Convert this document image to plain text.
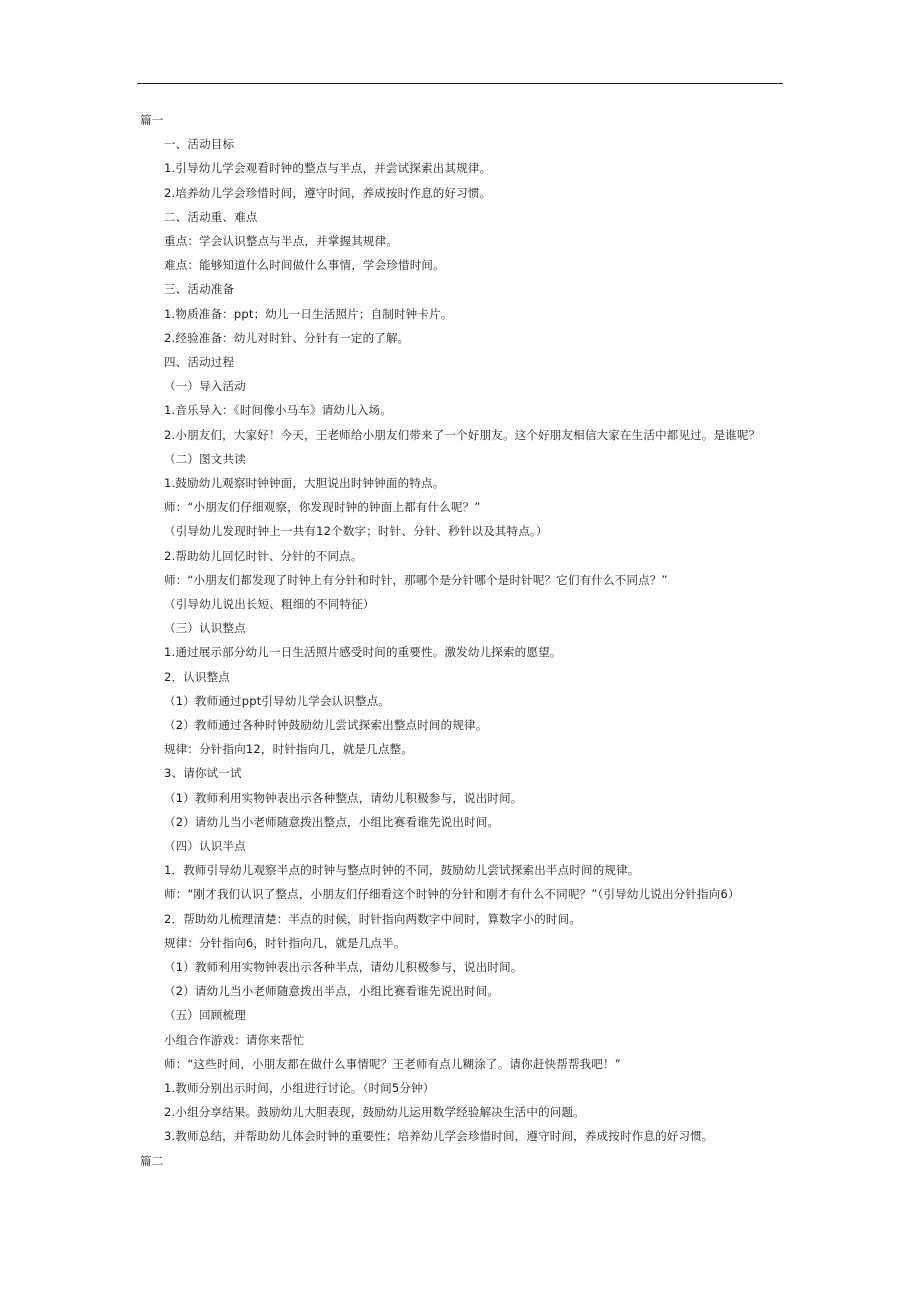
篇一
一、活动目标
1.引导幼儿学会观看时钟的整点与半点，并尝试探索出其规律。
2.培养幼儿学会珍惜时间，遵守时间，养成按时作息的好习惯。
二、活动重、难点
重点：学会认识整点与半点，并掌握其规律。
难点：能够知道什么时间做什么事情，学会珍惜时间。
三、活动准备
1.物质准备：ppt；幼儿一日生活照片；自制时钟卡片。
2.经验准备：幼儿对时针、分针有一定的了解。
四、活动过程
（一）导入活动
1.音乐导入：《时间像小马车》请幼儿入场。
2.小朋友们，大家好！今天，王老师给小朋友们带来了一个好朋友。这个好朋友相信大家在生活中都见过。是谁呢？
（二）图文共读
1.鼓励幼儿观察时钟钟面，大胆说出时钟钟面的特点。
师：“小朋友们仔细观察，你发现时钟的钟面上都有什么呢？”
（引导幼儿发现时钟上一共有12个数字；时针、分针、秒针以及其特点。）
2.帮助幼儿回忆时针、分针的不同点。
师：“小朋友们都发现了时钟上有分针和时针，那哪个是分针哪个是时针呢？它们有什么不同点？”
（引导幼儿说出长短、粗细的不同特征）
（三）认识整点
1.通过展示部分幼儿一日生活照片感受时间的重要性。激发幼儿探索的愿望。
2．认识整点
（1）教师通过ppt引导幼儿学会认识整点。
（2）教师通过各种时钟鼓励幼儿尝试探索出整点时间的规律。
规律：分针指向12，时针指向几，就是几点整。
3、请你试一试
（1）教师利用实物钟表出示各种整点，请幼儿积极参与，说出时间。
（2）请幼儿当小老师随意拨出整点，小组比赛看谁先说出时间。
（四）认识半点
1．教师引导幼儿观察半点的时钟与整点时钟的不同，鼓励幼儿尝试探索出半点时间的规律。
师：“刚才我们认识了整点，小朋友们仔细看这个时钟的分针和刚才有什么不同呢？”（引导幼儿说出分针指向6）
2．帮助幼儿梳理清楚：半点的时候，时针指向两数字中间时，算数字小的时间。
规律：分针指向6，时针指向几，就是几点半。
（1）教师利用实物钟表出示各种半点，请幼儿积极参与，说出时间。
（2）请幼儿当小老师随意拨出半点，小组比赛看谁先说出时间。
（五）回顾梳理
小组合作游戏：请你来帮忙
师：“这些时间，小朋友都在做什么事情呢？王老师有点儿糊涂了。请你赶快帮帮我吧！”
1.教师分别出示时间，小组进行讨论。（时间5分钟）
2.小组分享结果。鼓励幼儿大胆表现，鼓励幼儿运用数学经验解决生活中的问题。
3.教师总结，并帮助幼儿体会时钟的重要性；培养幼儿学会珍惜时间，遵守时间，养成按时作息的好习惯。
篇二
